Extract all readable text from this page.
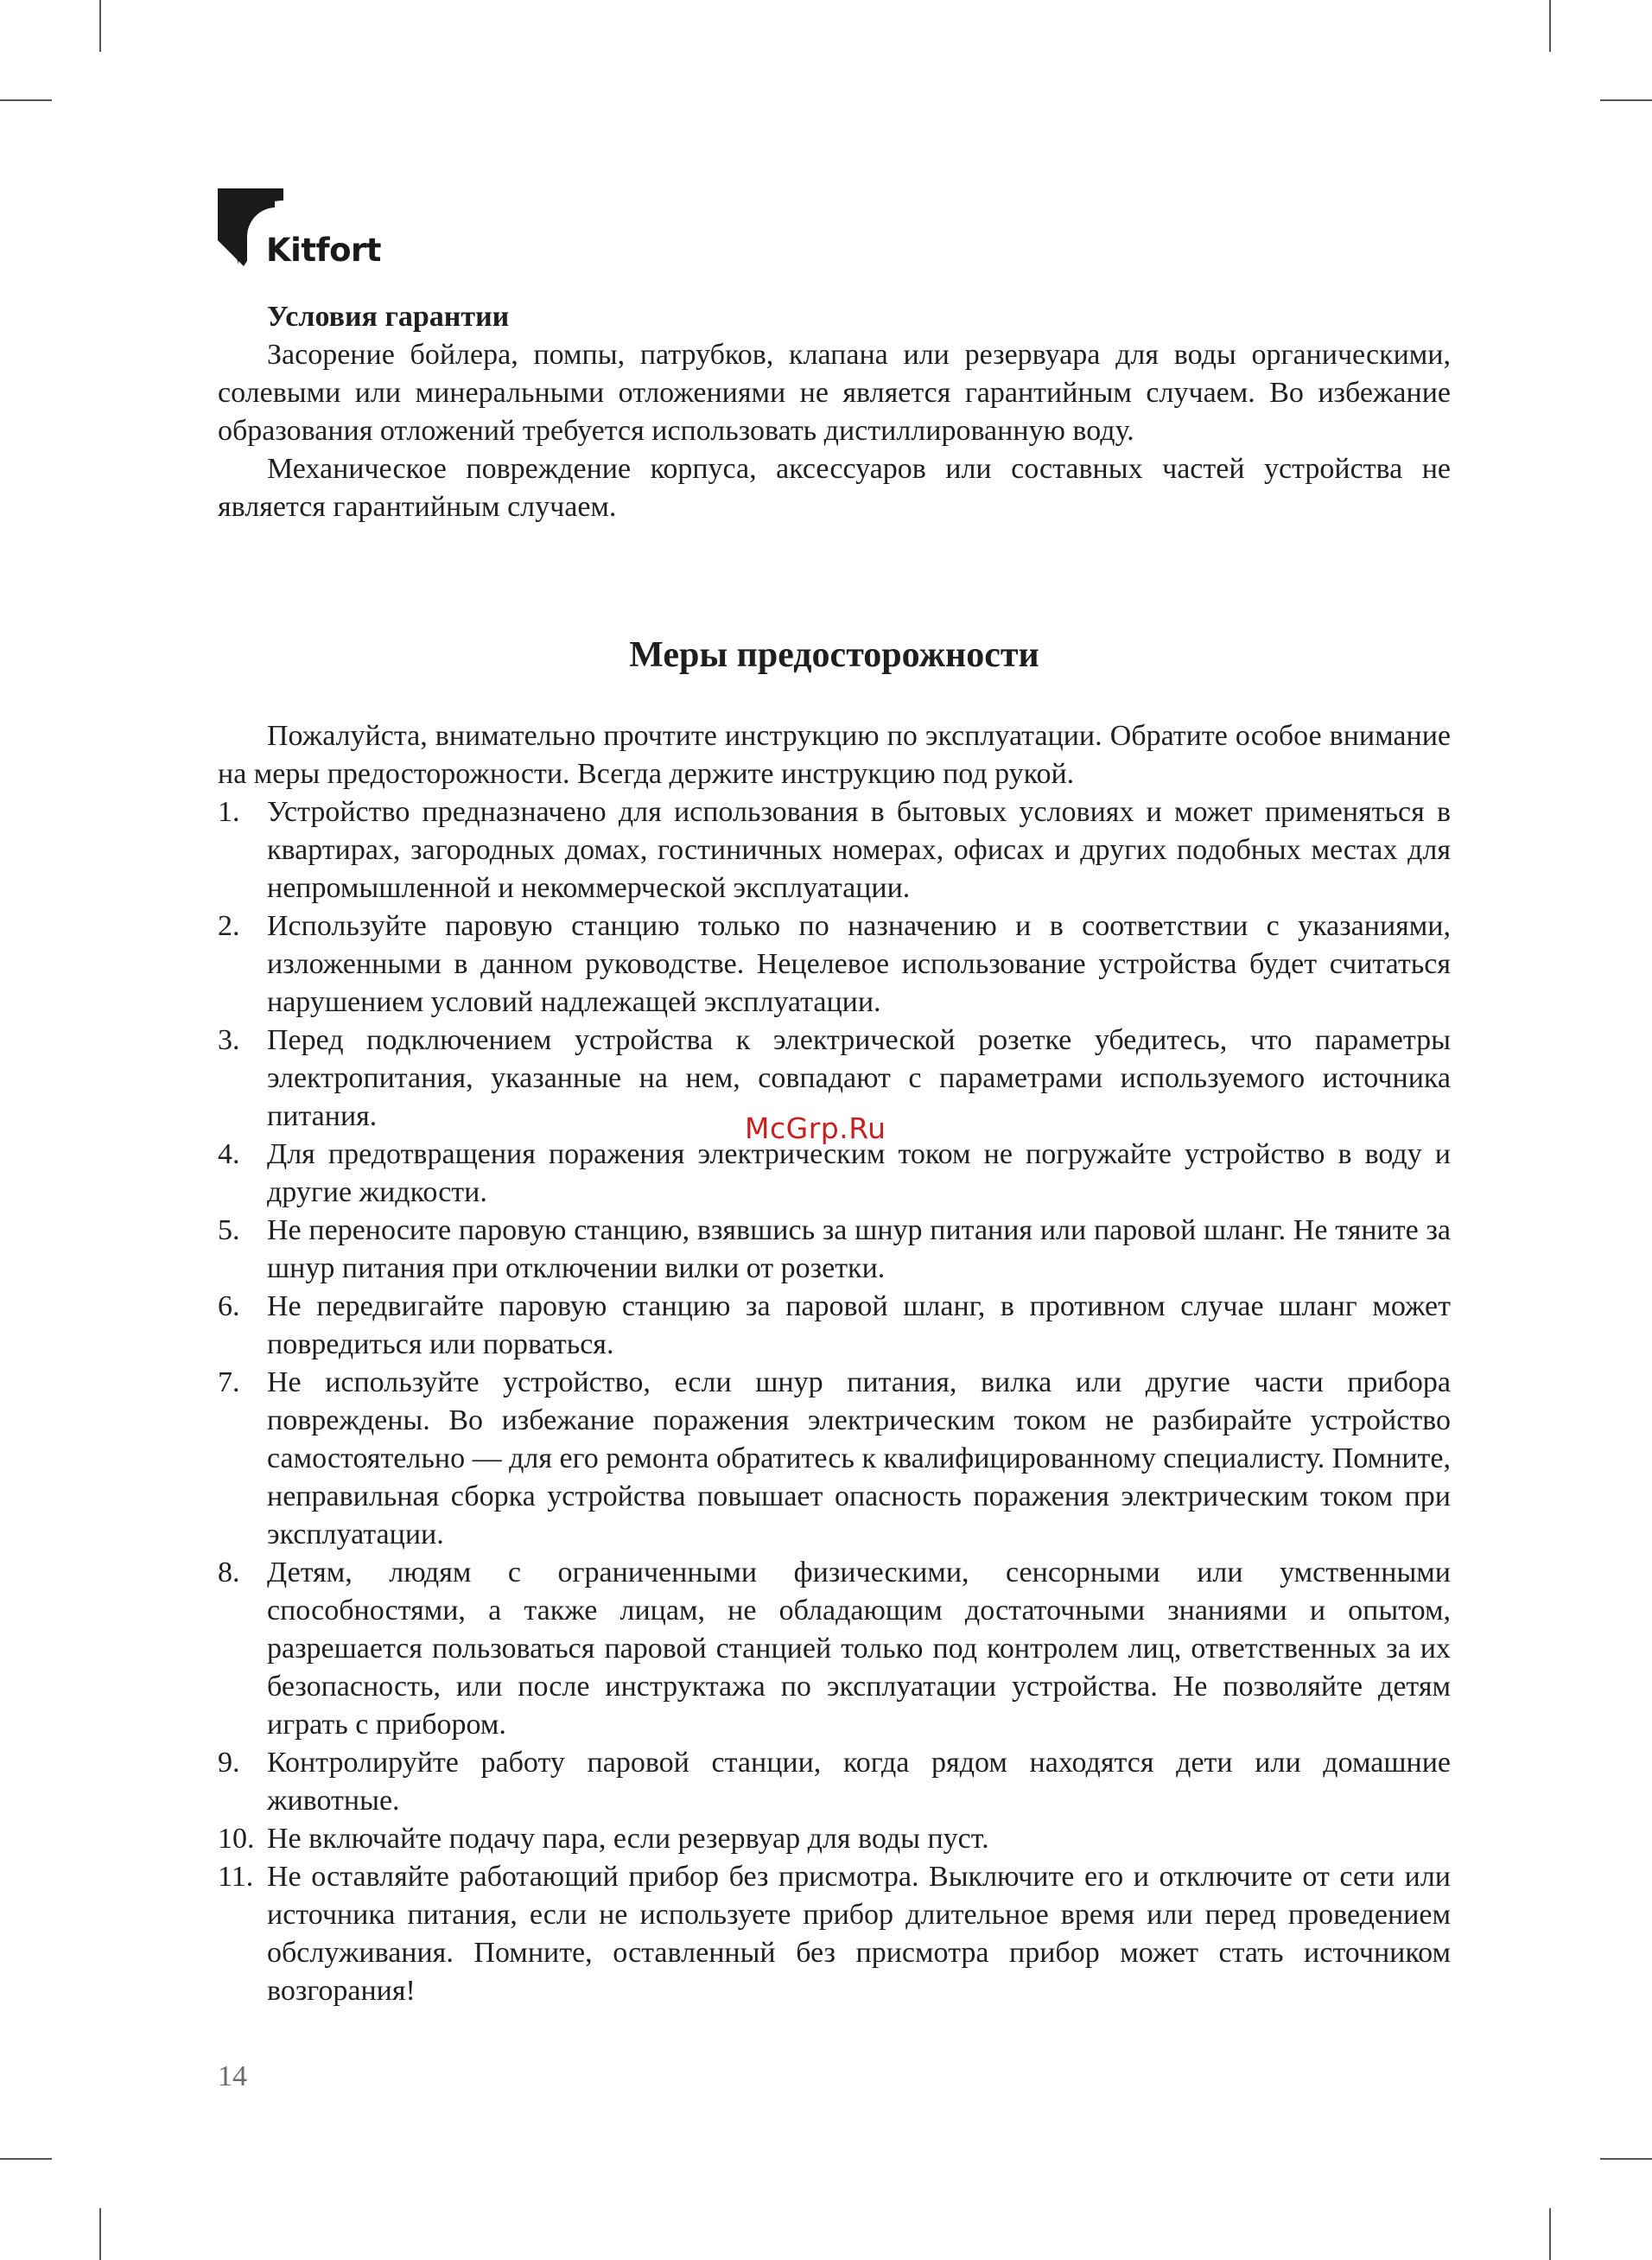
Kitfort

Условия гарантии

Засорение бойлера, помпы, патрубков, клапана или резервуара для воды органическими, солевыми или минеральными отложениями не является гарантийным случаем. Во избежание образования отложений требуется использовать дистиллированную воду.

Механическое повреждение корпуса, аксессуаров или составных частей устройства не является гарантийным случаем.

Меры предосторожности

Пожалуйста, внимательно прочтите инструкцию по эксплуатации. Обратите особое внимание на меры предосторожности. Всегда держите инструкцию под рукой.

1. Устройство предназначено для использования в бытовых условиях и может применяться в квартирах, загородных домах, гостиничных номерах, офисах и других подобных местах для непромышленной и некоммерческой эксплуатации.
2. Используйте паровую станцию только по назначению и в соответствии с указаниями, изложенными в данном руководстве. Нецелевое использование устройства будет считаться нарушением условий надлежащей эксплуатации.
3. Перед подключением устройства к электрической розетке убедитесь, что параметры электропитания, указанные на нем, совпадают с параметрами используемого источника питания.
4. Для предотвращения поражения электрическим током не погружайте устройство в воду и другие жидкости.
5. Не переносите паровую станцию, взявшись за шнур питания или паровой шланг. Не тяните за шнур питания при отключении вилки от розетки.
6. Не передвигайте паровую станцию за паровой шланг, в противном случае шланг может повредиться или порваться.
7. Не используйте устройство, если шнур питания, вилка или другие части прибора повреждены. Во избежание поражения электрическим током не разбирайте устройство самостоятельно — для его ремонта обратитесь к квалифицированному специалисту. Помните, неправильная сборка устройства повышает опасность поражения электрическим током при эксплуатации.
8. Детям, людям с ограниченными физическими, сенсорными или умственными способностями, а также лицам, не обладающим достаточными знаниями и опытом, разрешается пользоваться паровой станцией только под контролем лиц, ответственных за их безопасность, или после инструктажа по эксплуатации устройства. Не позволяйте детям играть с прибором.
9. Контролируйте работу паровой станции, когда рядом находятся дети или домашние животные.
10. Не включайте подачу пара, если резервуар для воды пуст.
11. Не оставляйте работающий прибор без присмотра. Выключите его и отключите от сети или источника питания, если не используете прибор длительное время или перед проведением обслуживания. Помните, оставленный без присмотра прибор может стать источником возгорания!
McGrp.Ru
14
